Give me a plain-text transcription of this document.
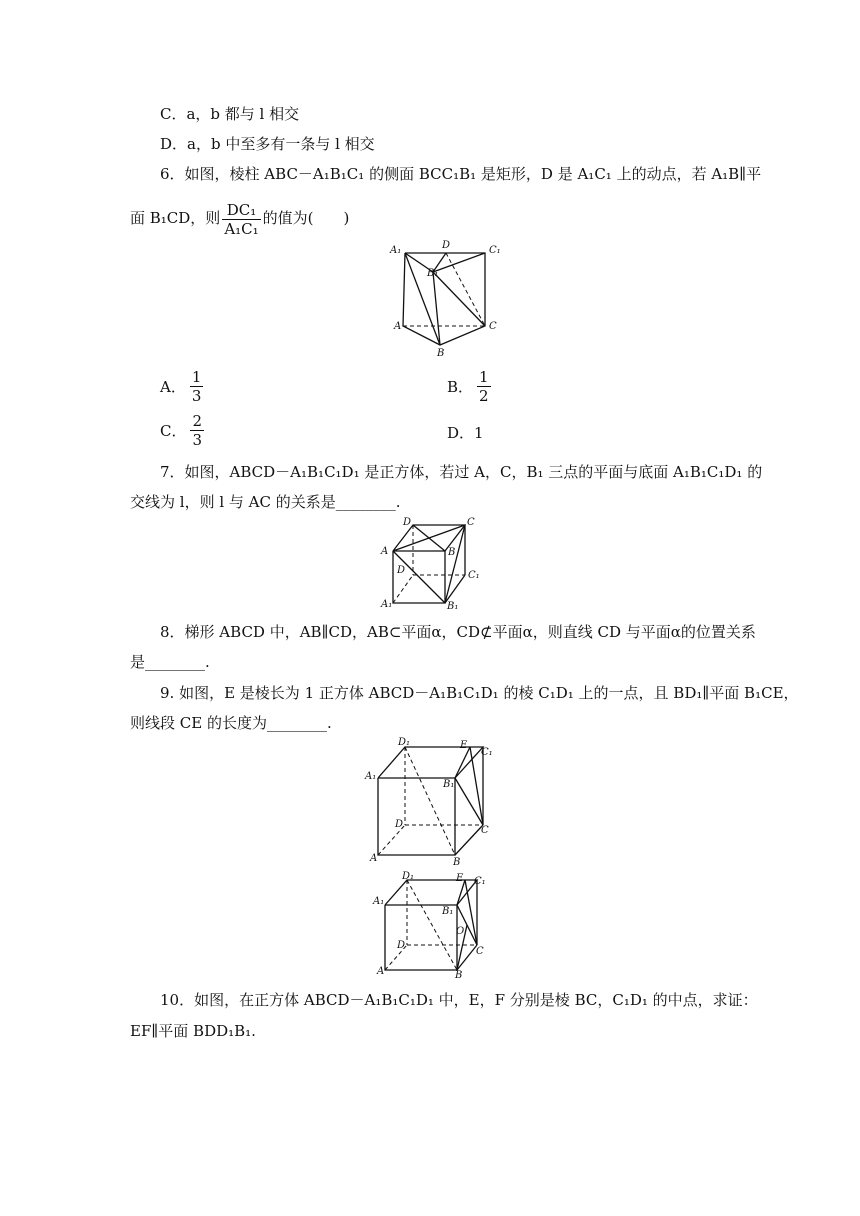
C．a，b 都与 l 相交
D．a，b 中至多有一条与 l 相交
6．如图，棱柱 ABC－A₁B₁C₁ 的侧面 BCC₁B₁ 是矩形，D 是 A₁C₁ 上的动点，若 A₁B∥平
面 B₁CD，则 $\frac{\text{DC₁}}{\text{A₁C₁}}$ 的值为(　　)
A₁	D	C₁
B₁
A
B
C
A． $\frac{1}{3}$	B． $\frac{1}{2}$
C． $\frac{2}{3}$	D．1
7．如图，ABCD－A₁B₁C₁D₁ 是正方体，若过 A，C，B₁ 三点的平面与底面 A₁B₁C₁D₁ 的
交线为 l，则 l 与 AC 的关系是________.
D	C
A	B
D	C₁
A₁	B₁
8．梯形 ABCD 中，AB∥CD，AB⊂平面α，CD⊄平面α，则直线 CD 与平面α的位置关系
是________.
9. 如图，E 是棱长为 1 正方体 ABCD－A₁B₁C₁D₁ 的棱 C₁D₁ 上的一点，且 BD₁∥平面 B₁CE，
则线段 CE 的长度为________.
D₁	E
C₁
A₁
B₁
D
C
A	B
D₁	E C₁
A₁
B₁
O
D
C
A	B
10．如图，在正方体 ABCD－A₁B₁C₁D₁ 中，E，F 分别是棱 BC，C₁D₁ 的中点，求证：
EF∥平面 BDD₁B₁.
